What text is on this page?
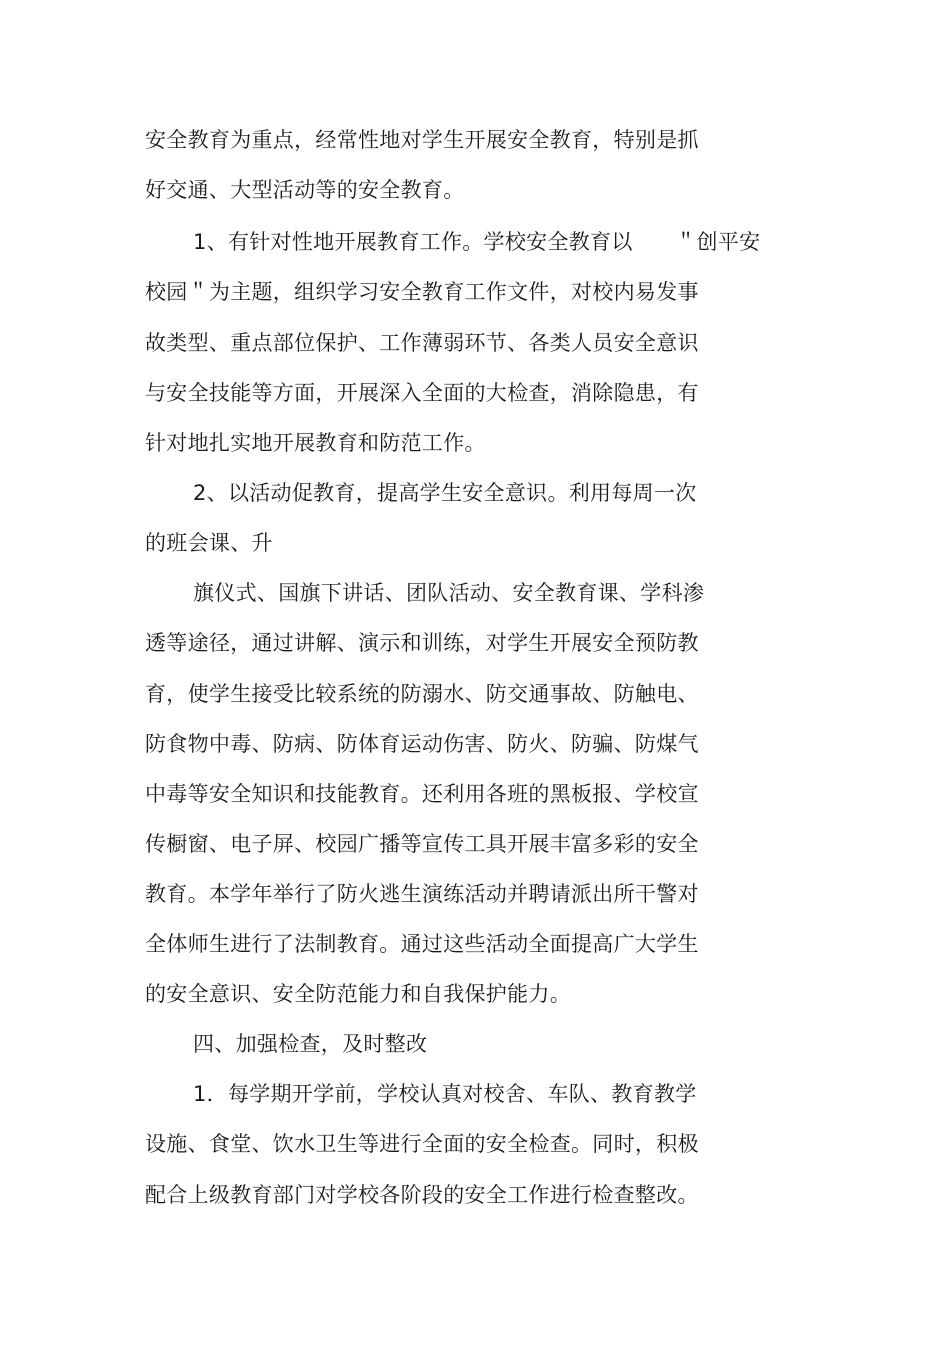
安全教育为重点，经常性地对学生开展安全教育，特别是抓
好交通、大型活动等的安全教育。
1、有针对性地开展教育工作。学校安全教育以　　＂创平安
校园＂为主题，组织学习安全教育工作文件，对校内易发事
故类型、重点部位保护、工作薄弱环节、各类人员安全意识
与安全技能等方面，开展深入全面的大检查，消除隐患，有
针对地扎实地开展教育和防范工作。
2、以活动促教育，提高学生安全意识。利用每周一次
的班会课、升
旗仪式、国旗下讲话、团队活动、安全教育课、学科渗
透等途径，通过讲解、演示和训练，对学生开展安全预防教
育，使学生接受比较系统的防溺水、防交通事故、防触电、
防食物中毒、防病、防体育运动伤害、防火、防骗、防煤气
中毒等安全知识和技能教育。还利用各班的黑板报、学校宣
传橱窗、电子屏、校园广播等宣传工具开展丰富多彩的安全
教育。本学年举行了防火逃生演练活动并聘请派出所干警对
全体师生进行了法制教育。通过这些活动全面提高广大学生
的安全意识、安全防范能力和自我保护能力。
四、加强检查，及时整改
1．每学期开学前，学校认真对校舍、车队、教育教学
设施、食堂、饮水卫生等进行全面的安全检查。同时，积极
配合上级教育部门对学校各阶段的安全工作进行检查整改。
